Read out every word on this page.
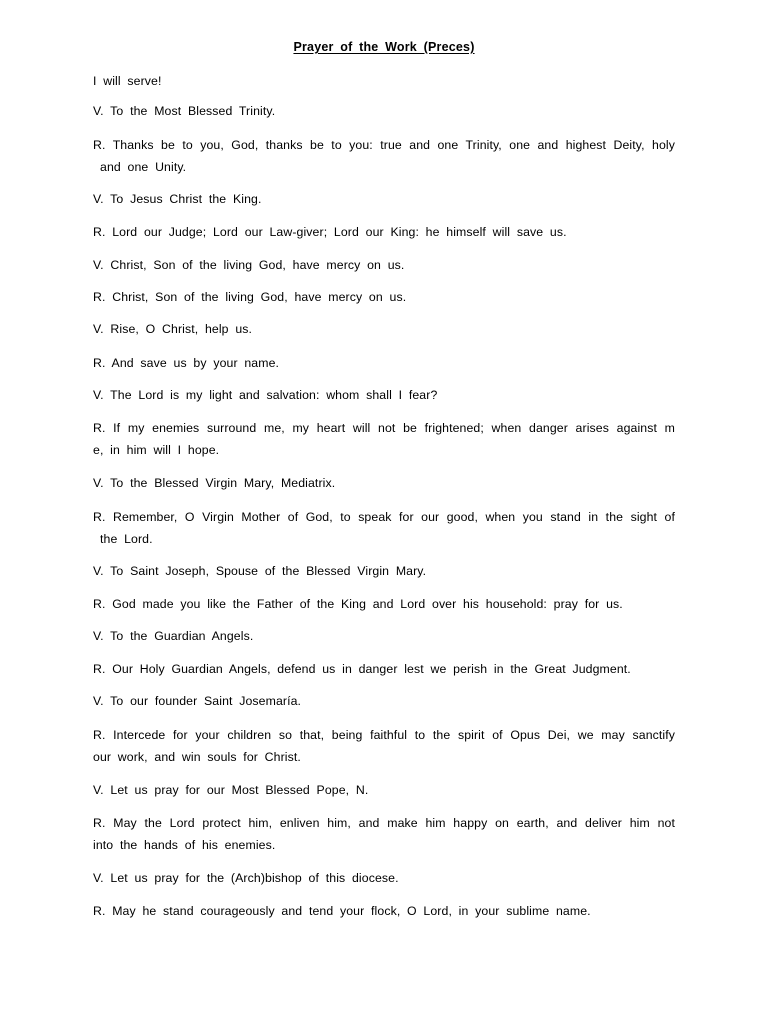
Prayer of the Work (Preces)

I will serve!

V. To the Most Blessed Trinity.

R. Thanks be to you, God, thanks be to you: true and one Trinity, one and highest Deity, holy
and one Unity.

V. To Jesus Christ the King.

R. Lord our Judge; Lord our Law-giver; Lord our King: he himself will save us.

V. Christ, Son of the living God, have mercy on us.

R. Christ, Son of the living God, have mercy on us.

V. Rise, O Christ, help us.

R. And save us by your name.

V. The Lord is my light and salvation: whom shall I fear?

R. If my enemies surround me, my heart will not be frightened; when danger arises against m
e, in him will I hope.

V. To the Blessed Virgin Mary, Mediatrix.

R. Remember, O Virgin Mother of God, to speak for our good, when you stand in the sight of
the Lord.

V. To Saint Joseph, Spouse of the Blessed Virgin Mary.

R. God made you like the Father of the King and Lord over his household: pray for us.

V. To the Guardian Angels.

R. Our Holy Guardian Angels, defend us in danger lest we perish in the Great Judgment.

V. To our founder Saint Josemaría.

R. Intercede for your children so that, being faithful to the spirit of Opus Dei, we may sanctify
our work, and win souls for Christ.

V. Let us pray for our Most Blessed Pope, N.

R. May the Lord protect him, enliven him, and make him happy on earth, and deliver him not
into the hands of his enemies.

V. Let us pray for the (Arch)bishop of this diocese.

R. May he stand courageously and tend your flock, O Lord, in your sublime name.
